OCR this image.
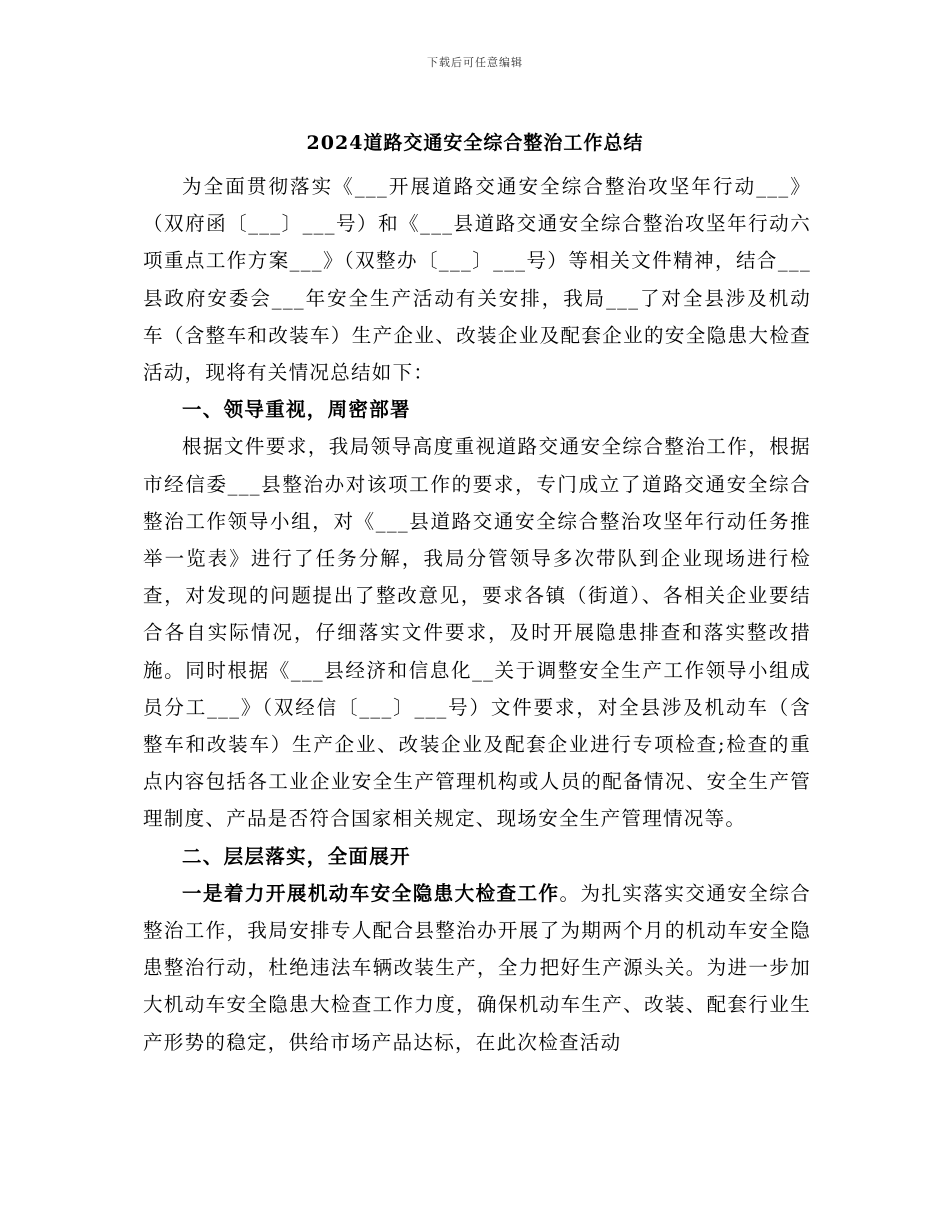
下载后可任意编辑
2024道路交通安全综合整治工作总结

为全面贯彻落实《___开展道路交通安全综合整治攻坚年行动___》（双府函〔___〕___号）和《___县道路交通安全综合整治攻坚年行动六项重点工作方案___》（双整办〔___〕___号）等相关文件精神，结合___县政府安委会___年安全生产活动有关安排，我局___了对全县涉及机动车（含整车和改装车）生产企业、改装企业及配套企业的安全隐患大检查活动，现将有关情况总结如下：

一、领导重视，周密部署

根据文件要求，我局领导高度重视道路交通安全综合整治工作，根据市经信委___县整治办对该项工作的要求，专门成立了道路交通安全综合整治工作领导小组，对《___县道路交通安全综合整治攻坚年行动任务推举一览表》进行了任务分解，我局分管领导多次带队到企业现场进行检查，对发现的问题提出了整改意见，要求各镇（街道）、各相关企业要结合各自实际情况，仔细落实文件要求，及时开展隐患排查和落实整改措施。同时根据《___县经济和信息化__关于调整安全生产工作领导小组成员分工___》（双经信〔___〕___号）文件要求，对全县涉及机动车（含整车和改装车）生产企业、改装企业及配套企业进行专项检查;检查的重点内容包括各工业企业安全生产管理机构或人员的配备情况、安全生产管理制度、产品是否符合国家相关规定、现场安全生产管理情况等。

二、层层落实，全面展开

一是着力开展机动车安全隐患大检查工作。为扎实落实交通安全综合整治工作，我局安排专人配合县整治办开展了为期两个月的机动车安全隐患整治行动，杜绝违法车辆改装生产，全力把好生产源头关。为进一步加大机动车安全隐患大检查工作力度，确保机动车生产、改装、配套行业生产形势的稳定，供给市场产品达标，在此次检查活动
